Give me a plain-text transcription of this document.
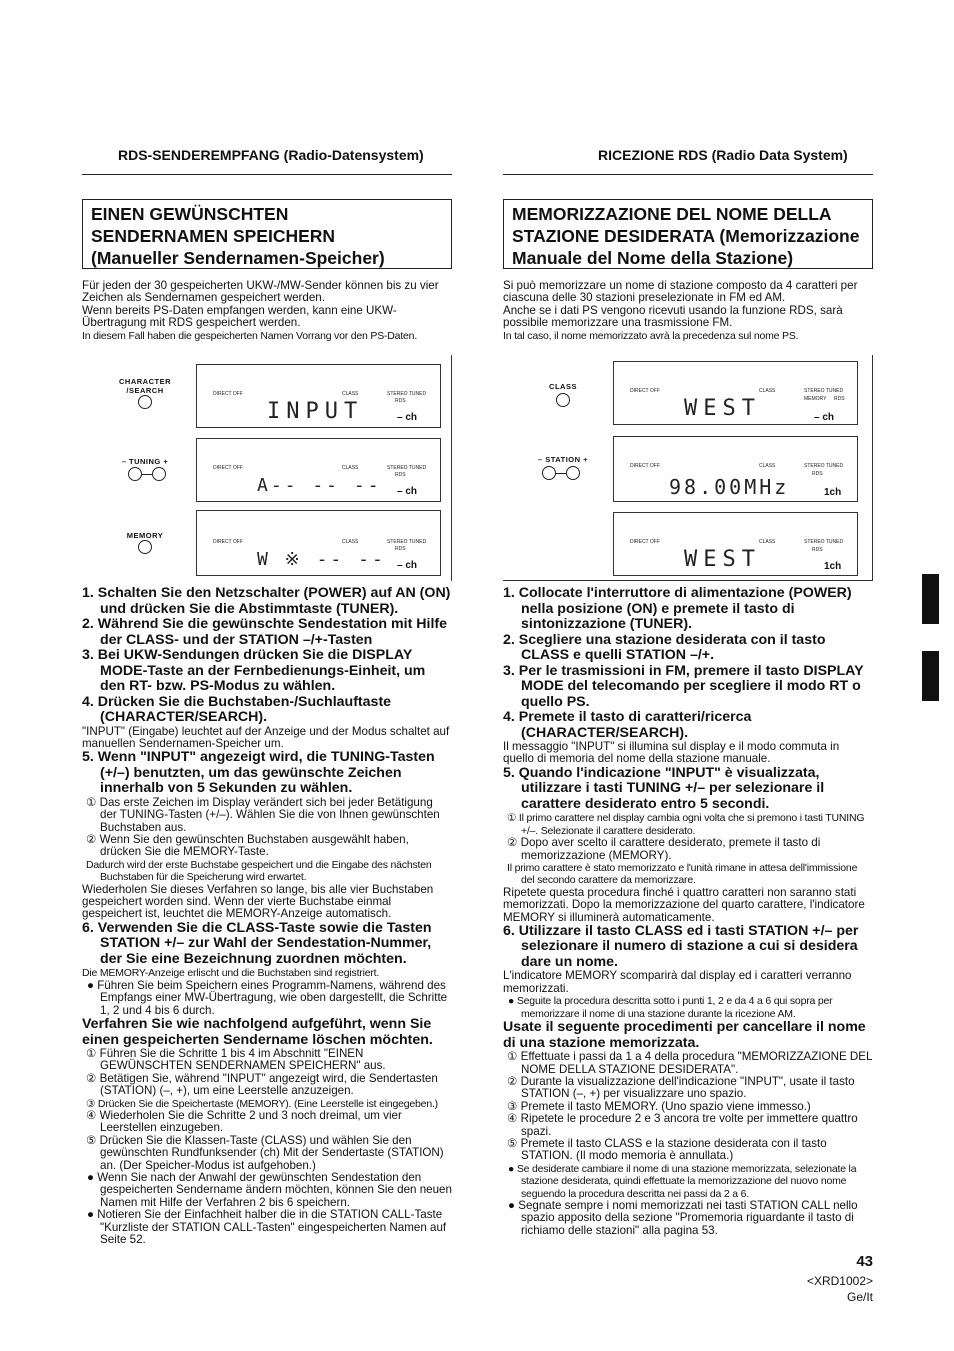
RDS-SENDEREMPFANG (Radio-Datensystem)	RICEZIONE RDS (Radio Data System)
EINEN GEWÜNSCHTEN
SENDERNAMEN SPEICHERN
(Manueller Sendernamen-Speicher)
MEMORIZZAZIONE DEL NOME DELLA
STAZIONE DESIDERATA (Memorizzazione
Manuale del Nome della Stazione)

Für jeden der 30 gespeicherten UKW-/MW-Sender können bis zu vier Zeichen als Sendernamen gespeichert werden.

Wenn bereits PS-Daten empfangen werden, kann eine UKW-Übertragung mit RDS gespeichert werden.

In diesem Fall haben die gespeicherten Namen Vorrang vor den PS-Daten.

Si può memorizzare un nome di stazione composto da 4 caratteri per ciascuna delle 30 stazioni preselezionate in FM ed AM.

Anche se i dati PS vengono ricevuti usando la funzione RDS, sarà possibile memorizzare una trasmissione FM.

In tal caso, il nome memorizzato avrà la precedenza sul nome PS.

CHARACTER /SEARCH
– TUNING +
MEMORY
DIRECT OFF	CLASS	STEREO TUNED
RDS
INPUT	– ch
DIRECT OFF	CLASS	STEREO TUNED
RDS
A-- -- -- – ch
DIRECT OFF	CLASS	STEREO TUNED
RDS
W ※ -- -- – ch
CLASS
– STATION +
DIRECT OFF	CLASS	STEREO TUNED
MEMORY RDS
WEST	– ch
DIRECT OFF	CLASS	STEREO TUNED
RDS
98.00MHz	1ch
DIRECT OFF	CLASS	STEREO TUNED
RDS
WEST	1ch

1. Schalten Sie den Netzschalter (POWER) auf AN (ON) und drücken Sie die Abstimmtaste (TUNER).

2. Während Sie die gewünschte Sendestation mit Hilfe der CLASS- und der STATION –/+-Tasten

3. Bei UKW-Sendungen drücken Sie die DISPLAY MODE-Taste an der Fernbedienungs-Einheit, um den RT- bzw. PS-Modus zu wählen.

4. Drücken Sie die Buchstaben-/Suchlauftaste (CHARACTER/SEARCH).

"INPUT" (Eingabe) leuchtet auf der Anzeige und der Modus schaltet auf manuellen Sendernamen-Speicher um.

5. Wenn "INPUT" angezeigt wird, die TUNING-Tasten (+/–) benutzten, um das gewünschte Zeichen innerhalb von 5 Sekunden zu wählen.

① Das erste Zeichen im Display verändert sich bei jeder Betätigung der TUNING-Tasten (+/–). Wählen Sie die von Ihnen gewünschten Buchstaben aus.

② Wenn Sie den gewünschten Buchstaben ausgewählt haben, drücken Sie die MEMORY-Taste.

Dadurch wird der erste Buchstabe gespeichert und die Eingabe des nächsten Buchstaben für die Speicherung wird erwartet.

Wiederholen Sie dieses Verfahren so lange, bis alle vier Buchstaben gespeichert worden sind. Wenn der vierte Buchstabe einmal gespeichert ist, leuchtet die MEMORY-Anzeige automatisch.

6. Verwenden Sie die CLASS-Taste sowie die Tasten STATION +/– zur Wahl der Sendestation-Nummer, der Sie eine Bezeichnung zuordnen möchten.

Die MEMORY-Anzeige erlischt und die Buchstaben sind registriert.

● Führen Sie beim Speichern eines Programm-Namens, während des Empfangs einer MW-Übertragung, wie oben dargestellt, die Schritte 1, 2 und 4 bis 6 durch.

Verfahren Sie wie nachfolgend aufgeführt, wenn Sie einen gespeicherten Sendername löschen möchten.

① Führen Sie die Schritte 1 bis 4 im Abschnitt "EINEN GEWÜNSCHTEN SENDERNAMEN SPEICHERN" aus.

② Betätigen Sie, während "INPUT" angezeigt wird, die Sendertasten (STATION) (–, +), um eine Leerstelle anzuzeigen.

③ Drücken Sie die Speichertaste (MEMORY). (Eine Leerstelle ist eingegeben.)

④ Wiederholen Sie die Schritte 2 und 3 noch dreimal, um vier Leerstellen einzugeben.

⑤ Drücken Sie die Klassen-Taste (CLASS) und wählen Sie den gewünschten Rundfunksender (ch) Mit der Sendertaste (STATION) an. (Der Speicher-Modus ist aufgehoben.)

● Wenn Sie nach der Anwahl der gewünschten Sendestation den gespeicherten Sendername ändern möchten, können Sie den neuen Namen mit Hilfe der Verfahren 2 bis 6 speichern.

● Notieren Sie der Einfachheit halber die in die STATION CALL-Taste "Kurzliste der STATION CALL-Tasten" eingespeicherten Namen auf Seite 52.

1. Collocate l'interruttore di alimentazione (POWER) nella posizione (ON) e premete il tasto di sintonizzazione (TUNER).

2. Scegliere una stazione desiderata con il tasto CLASS e quelli STATION –/+.

3. Per le trasmissioni in FM, premere il tasto DISPLAY MODE del telecomando per scegliere il modo RT o quello PS.

4. Premete il tasto di caratteri/ricerca (CHARACTER/SEARCH).

Il messaggio "INPUT" si illumina sul display e il modo commuta in quello di memoria del nome della stazione manuale.

5. Quando l'indicazione "INPUT" è visualizzata, utilizzare i tasti TUNING +/– per selezionare il carattere desiderato entro 5 secondi.

① Il primo carattere nel display cambia ogni volta che si premono i tasti TUNING +/–. Selezionate il carattere desiderato.

② Dopo aver scelto il carattere desiderato, premete il tasto di memorizzazione (MEMORY).

Il primo carattere è stato memorizzato e l'unità rimane in attesa dell'immissione del secondo carattere da memorizzare.

Ripetete questa procedura finché i quattro caratteri non saranno stati memorizzati. Dopo la memorizzazione del quarto carattere, l'indicatore MEMORY si illuminerà automaticamente.

6. Utilizzare il tasto CLASS ed i tasti STATION +/– per selezionare il numero di stazione a cui si desidera dare un nome.

L'indicatore MEMORY scomparirà dal display ed i caratteri verranno memorizzati.

● Seguite la procedura descritta sotto i punti 1, 2 e da 4 a 6 qui sopra per memorizzare il nome di una stazione durante la ricezione AM.

Usate il seguente procedimenti per cancellare il nome di una stazione memorizzata.

① Effettuate i passi da 1 a 4 della procedura "MEMORIZZAZIONE DEL NOME DELLA STAZIONE DESIDERATA".

② Durante la visualizzazione dell'indicazione "INPUT", usate il tasto STATION (–, +) per visualizzare uno spazio.

③ Premete il tasto MEMORY. (Uno spazio viene immesso.)

④ Ripetete le procedure 2 e 3 ancora tre volte per immettere quattro spazi.

⑤ Premete il tasto CLASS e la stazione desiderata con il tasto STATION. (Il modo memoria è annullata.)

● Se desiderate cambiare il nome di una stazione memorizzata, selezionate la stazione desiderata, quindi effettuate la memorizzazione del nuovo nome seguendo la procedura descritta nei passi da 2 a 6.

● Segnate sempre i nomi memorizzati nei tasti STATION CALL nello spazio apposito della sezione "Promemoria riguardante il tasto di richiamo delle stazioni" alla pagina 53.

43
<XRD1002>
Ge/It
